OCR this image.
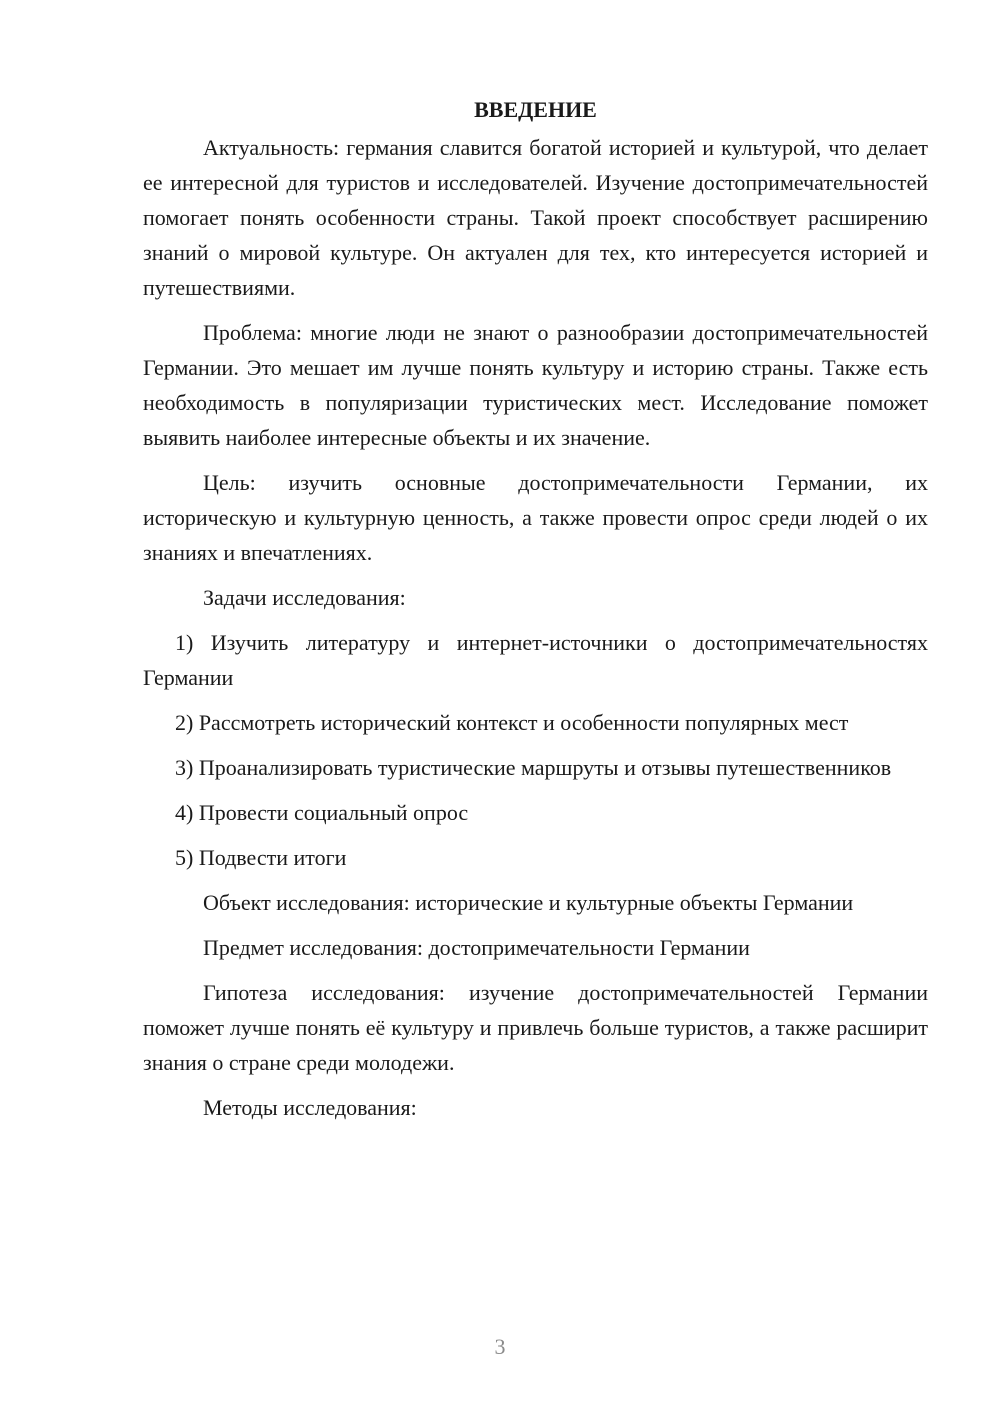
ВВЕДЕНИЕ

Актуальность: германия славится богатой историей и культурой, что делает ее интересной для туристов и исследователей. Изучение достопримечательностей помогает понять особенности страны. Такой проект способствует расширению знаний о мировой культуре. Он актуален для тех, кто интересуется историей и путешествиями.

Проблема: многие люди не знают о разнообразии достопримечательностей Германии. Это мешает им лучше понять культуру и историю страны. Также есть необходимость в популяризации туристических мест. Исследование поможет выявить наиболее интересные объекты и их значение.

Цель: изучить основные достопримечательности Германии, их историческую и культурную ценность, а также провести опрос среди людей о их знаниях и впечатлениях.

Задачи исследования:

1) Изучить литературу и интернет-источники о достопримечательностях Германии

2) Рассмотреть исторический контекст и особенности популярных мест

3) Проанализировать туристические маршруты и отзывы путешественников

4) Провести социальный опрос

5) Подвести итоги

Объект исследования: исторические и культурные объекты Германии

Предмет исследования: достопримечательности Германии

Гипотеза исследования: изучение достопримечательностей Германии поможет лучше понять её культуру и привлечь больше туристов, а также расширит знания о стране среди молодежи.

Методы исследования:

3
